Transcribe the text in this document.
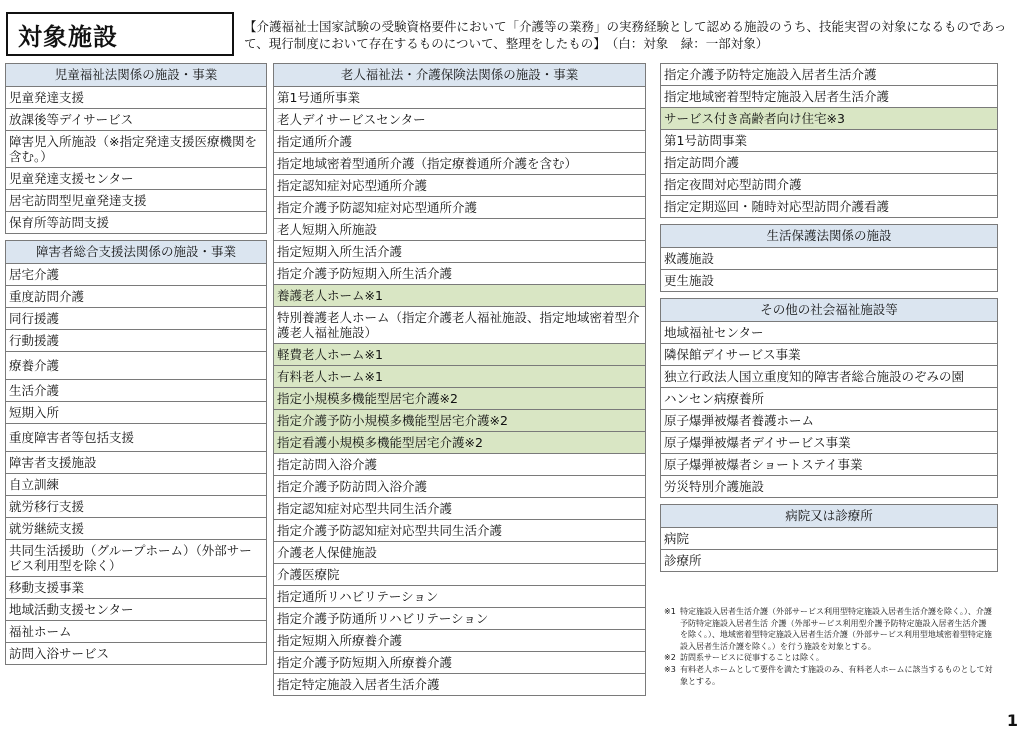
対象施設	【介護福祉士国家試験の受験資格要件において「介護等の業務」の実務経験として認める施設のうち、技能実習の対象になるものであって、現行制度において存在するものについて、整理をしたもの】　（白：対象　緑：一部対象）
児童福祉法関係の施設・事業
児童発達支援
放課後等デイサービス
障害児入所施設（※指定発達支援医療機関を含む。）
児童発達支援センター
居宅訪問型児童発達支援
保育所等訪問支援
障害者総合支援法関係の施設・事業
居宅介護
重度訪問介護
同行援護
行動援護
療養介護
生活介護
短期入所
重度障害者等包括支援
障害者支援施設
自立訓練
就労移行支援
就労継続支援
共同生活援助（グループホーム）（外部サービス利用型を除く）
移動支援事業
地域活動支援センター
福祉ホーム
訪問入浴サービス
老人福祉法・介護保険法関係の施設・事業
第1号通所事業
老人デイサービスセンター
指定通所介護
指定地域密着型通所介護（指定療養通所介護を含む）
指定認知症対応型通所介護
指定介護予防認知症対応型通所介護
老人短期入所施設
指定短期入所生活介護
指定介護予防短期入所生活介護
養護老人ホーム※1
特別養護老人ホーム（指定介護老人福祉施設、指定地域密着型介護老人福祉施設）
軽費老人ホーム※1
有料老人ホーム※1
指定小規模多機能型居宅介護※2
指定介護予防小規模多機能型居宅介護※2
指定看護小規模多機能型居宅介護※2
指定訪問入浴介護
指定介護予防訪問入浴介護
指定認知症対応型共同生活介護
指定介護予防認知症対応型共同生活介護
介護老人保健施設
介護医療院
指定通所リハビリテーション
指定介護予防通所リハビリテーション
指定短期入所療養介護
指定介護予防短期入所療養介護
指定特定施設入居者生活介護
指定介護予防特定施設入居者生活介護
指定地域密着型特定施設入居者生活介護
サービス付き高齢者向け住宅※3
第1号訪問事業
指定訪問介護
指定夜間対応型訪問介護
指定定期巡回・随時対応型訪問介護看護
生活保護法関係の施設
救護施設
更生施設
その他の社会福祉施設等
地域福祉センター
隣保館デイサービス事業
独立行政法人国立重度知的障害者総合施設のぞみの園
ハンセン病療養所
原子爆弾被爆者養護ホーム
原子爆弾被爆者デイサービス事業
原子爆弾被爆者ショートステイ事業
労災特別介護施設
病院又は診療所
病院
診療所
※1 特定施設入居者生活介護（外部サービス利用型特定施設入居者生活介護を除く。）、介護予防特定施設入居者生活 介護（外部サービス利用型介護予防特定施設入居者生活介護を除く。）、地域密着型特定施設入居者生活介護（外部サービス利用型地域密着型特定施設入居者生活介護を除く。）を行う施設を対象とする。
※2 訪問系サービスに従事することは除く。
※3 有料老人ホームとして要件を満たす施設のみ、有料老人ホームに該当するものとして対象とする。
1
